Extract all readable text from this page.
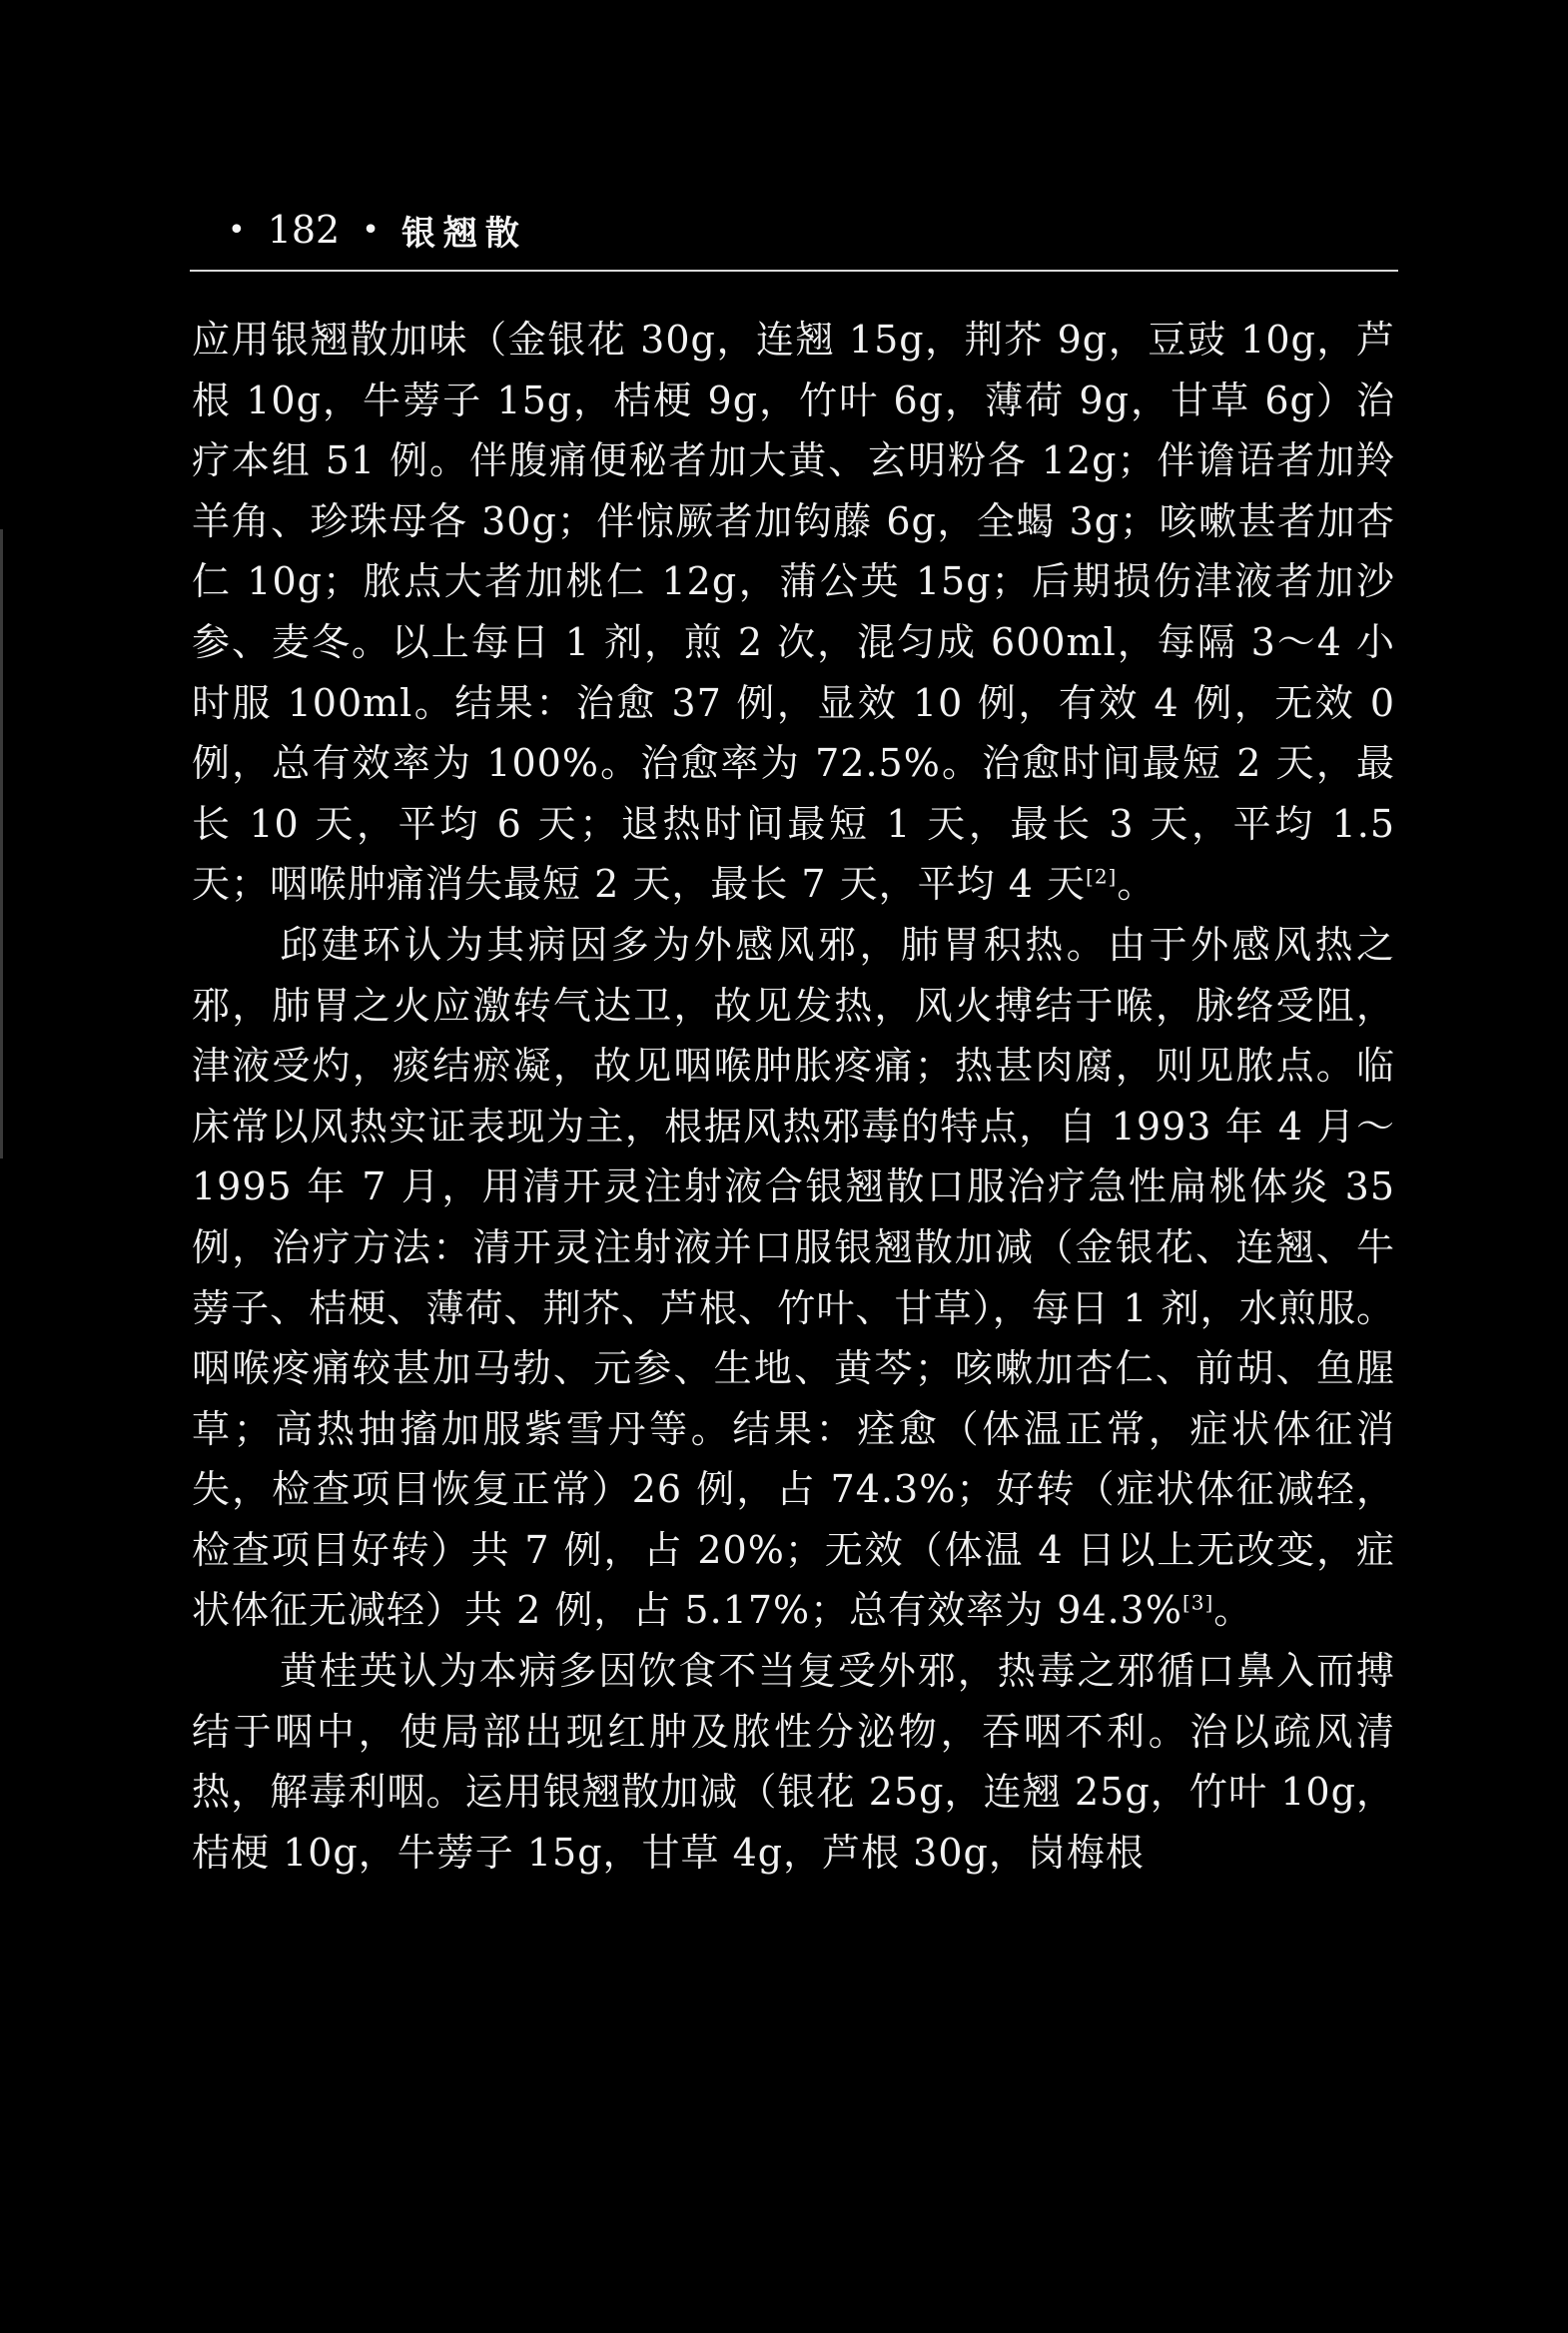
• 182 • 银翘散

应用银翘散加味（金银花 30g，连翘 15g，荆芥 9g，豆豉 10g，芦根 10g，牛蒡子 15g，桔梗 9g，竹叶 6g，薄荷 9g，甘草 6g）治疗本组 51 例。伴腹痛便秘者加大黄、玄明粉各 12g；伴谵语者加羚羊角、珍珠母各 30g；伴惊厥者加钩藤 6g，全蝎 3g；咳嗽甚者加杏仁 10g；脓点大者加桃仁 12g，蒲公英 15g；后期损伤津液者加沙参、麦冬。以上每日 1 剂，煎 2 次，混匀成 600ml，每隔 3～4 小时服 100ml。结果：治愈 37 例，显效 10 例，有效 4 例，无效 0 例，总有效率为 100%。治愈率为 72.5%。治愈时间最短 2 天，最长 10 天，平均 6 天；退热时间最短 1 天，最长 3 天，平均 1.5 天；咽喉肿痛消失最短 2 天，最长 7 天，平均 4 天[2]。

邱建环认为其病因多为外感风邪，肺胃积热。由于外感风热之邪，肺胃之火应激转气达卫，故见发热，风火搏结于喉，脉络受阻，津液受灼，痰结瘀凝，故见咽喉肿胀疼痛；热甚肉腐，则见脓点。临床常以风热实证表现为主，根据风热邪毒的特点，自 1993 年 4 月～1995 年 7 月，用清开灵注射液合银翘散口服治疗急性扁桃体炎 35 例，治疗方法：清开灵注射液并口服银翘散加减（金银花、连翘、牛蒡子、桔梗、薄荷、荆芥、芦根、竹叶、甘草），每日 1 剂，水煎服。咽喉疼痛较甚加马勃、元参、生地、黄芩；咳嗽加杏仁、前胡、鱼腥草；高热抽搐加服紫雪丹等。结果：痊愈（体温正常，症状体征消失，检查项目恢复正常）26 例，占 74.3%；好转（症状体征减轻，检查项目好转）共 7 例，占 20%；无效（体温 4 日以上无改变，症状体征无减轻）共 2 例，占 5.17%；总有效率为 94.3%[3]。

黄桂英认为本病多因饮食不当复受外邪，热毒之邪循口鼻入而搏结于咽中，使局部出现红肿及脓性分泌物，吞咽不利。治以疏风清热，解毒利咽。运用银翘散加减（银花 25g，连翘 25g，竹叶 10g，桔梗 10g，牛蒡子 15g，甘草 4g，芦根 30g，岗梅根
